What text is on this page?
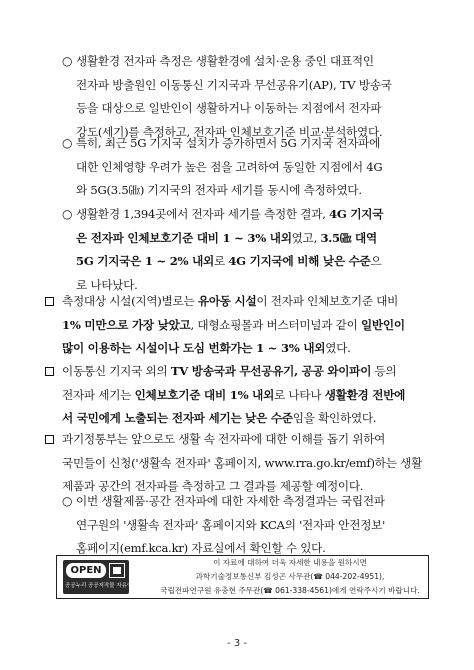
○ 생활환경 전자파 측정은 생활환경에 설치·운용 중인 대표적인
전자파 방출원인 이동통신 기지국과 무선공유기(AP), TV 방송국
등을 대상으로 일반인이 생활하거나 이동하는 지점에서 전자파
강도(세기)를 측정하고, 전자파 인체보호기준 비교·분석하였다.
○ 특히, 최근 5G 기지국 설치가 증가하면서 5G 기지국 전자파에
대한 인체영향 우려가 높은 점을 고려하여 동일한 지점에서 4G
와 5G(3.5㎓) 기지국의 전자파 세기를 동시에 측정하였다.
○ 생활환경 1,394곳에서 전자파 세기를 측정한 결과, 4G 기지국
은 전자파 인체보호기준 대비 1 ~ 3% 내외였고, 3.5㎓ 대역
5G 기지국은 1 ~ 2% 내외로 4G 기지국에 비해 낮은 수준으
로 나타났다.
측정대상 시설(지역)별로는 유아동 시설이 전자파 인체보호기준 대비
1% 미만으로 가장 낮았고, 대형쇼핑몰과 버스터미널과 같이 일반인이
많이 이용하는 시설이나 도심 번화가는 1 ~ 3% 내외였다.
이동통신 기지국 외의 TV 방송국과 무선공유기, 공공 와이파이 등의
전자파 세기는 인체보호기준 대비 1% 내외로 나타나 생활환경 전반에
서 국민에게 노출되는 전자파 세기는 낮은 수준임을 확인하였다.
과기정통부는 앞으로도 생활 속 전자파에 대한 이해를 돕기 위하여
국민들이 신청('생활속 전자파' 홈페이지, www.rra.go.kr/emf)하는 생활
제품과 공간의 전자파를 측정하고 그 결과를 제공할 예정이다.
○ 이번 생활제품·공간 전자파에 대한 자세한 측정결과는 국립전파
연구원의 '생활속 전자파' 홈페이지와 KCA의 '전자파 안전정보'
홈페이지(emf.kca.kr) 자료실에서 확인할 수 있다.
OPEN
공공누리 공공저작물 자유이용허락
이 자료에 대하여 더욱 자세한 내용을 원하시면
과학기술정보통신부 김성곤 사무관(☎ 044-202-4951),
국립전파연구원 유충현 주무관(☎ 061-338-4561)에게 연락주시기 바랍니다.
- 3 -
